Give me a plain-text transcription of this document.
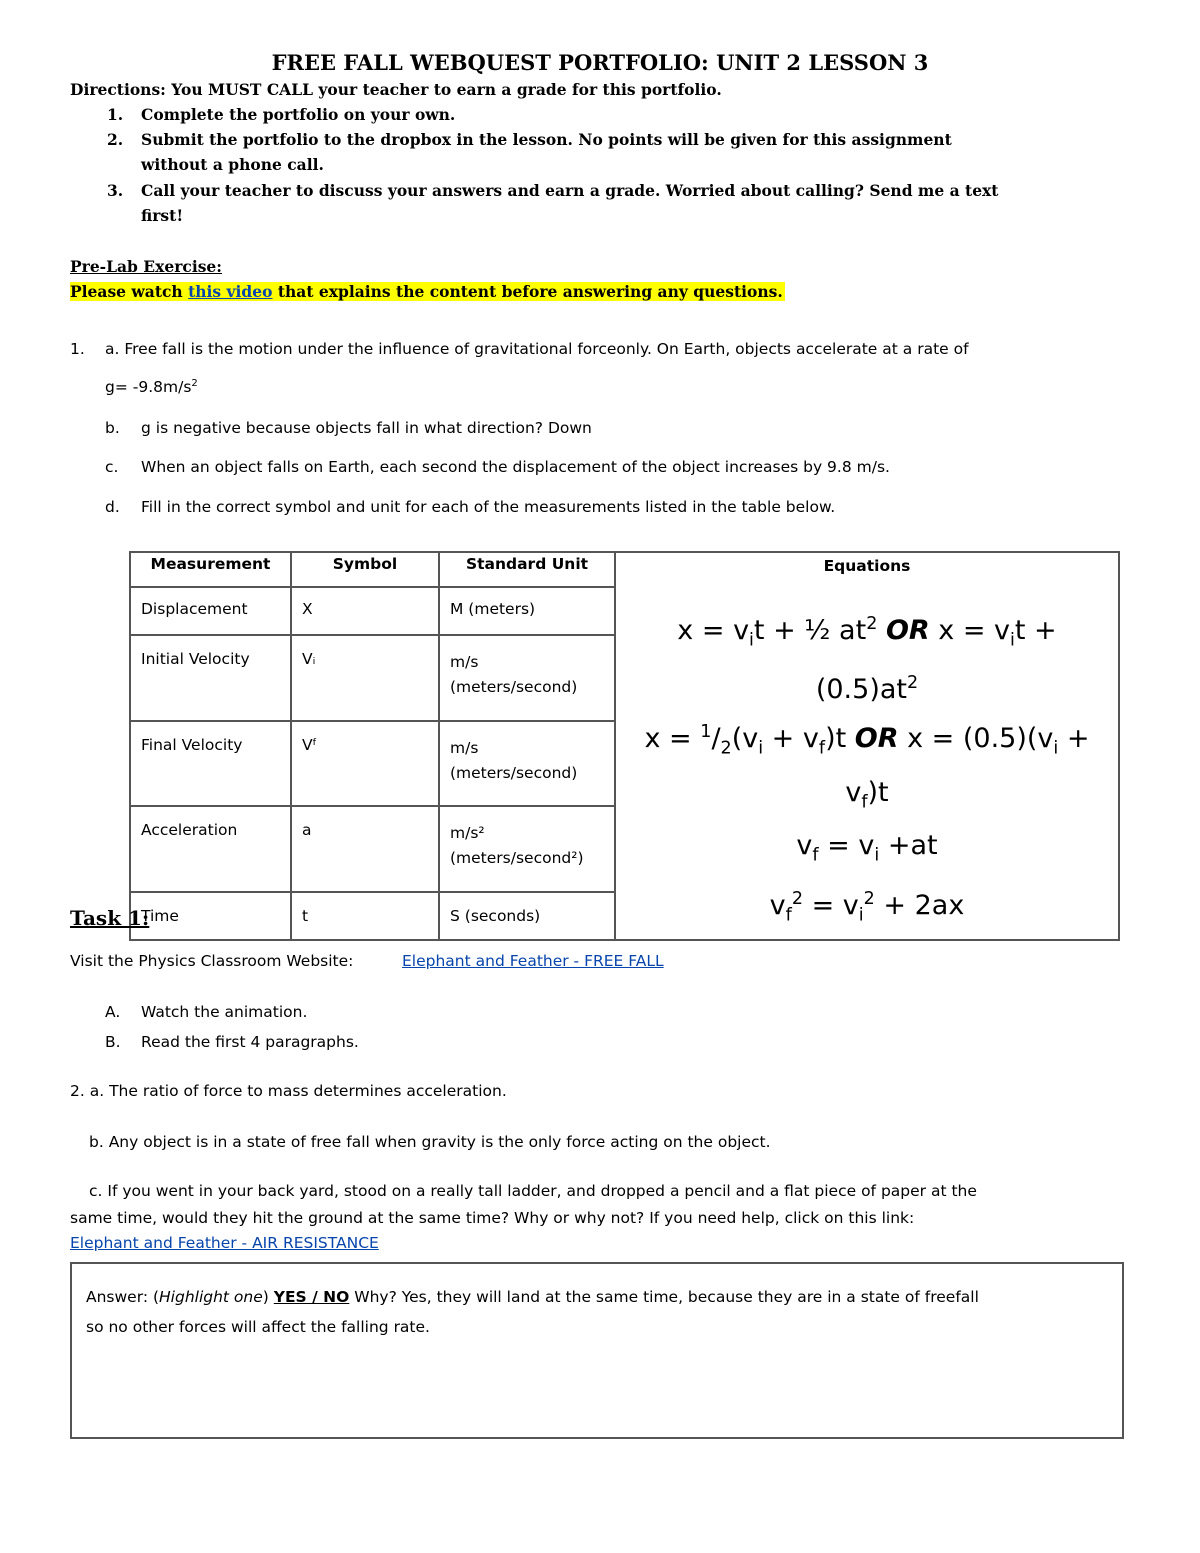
FREE FALL WEBQUEST PORTFOLIO: UNIT 2 LESSON 3
Directions: You MUST CALL your teacher to earn a grade for this portfolio.
1. Complete the portfolio on your own.
2. Submit the portfolio to the dropbox in the lesson. No points will be given for this assignment
without a phone call.
3. Call your teacher to discuss your answers and earn a grade. Worried about calling? Send me a text
first!
Pre-Lab Exercise:
Please watch this video that explains the content before answering any questions.
1. a. Free fall is the motion under the influence of gravitational forceonly. On Earth, objects accelerate at a rate of
$g= -9.8m/s^2$
b. g is negative because objects fall in what direction? Down
c. When an object falls on Earth, each second the displacement of the object increases by 9.8 m/s.
d. Fill in the correct symbol and unit for each of the measurements listed in the table below.
Measurement	Symbol	Standard Unit	Equations
$x = v_it$ + ½ $at^2$ OR $x = v_it + (0.5)at^2$
$x = ^1/_2(v_i + v_f)t$ OR $x = (0.5)(v_i + v_f)t$
$v_f = v_i +at$
$v_f^2 = v_i^2 + 2ax$

Displacement	X	M (meters)	
Initial Velocity	Vᵢ	m/s
(meters/second)	
Final Velocity	Vᶠ	m/s
(meters/second)	
Acceleration	a	m/s²
(meters/second²)	
Time	t	S (seconds)	
Task 1:
Visit the Physics Classroom Website:	Elephant and Feather - FREE FALL
A. Watch the animation.
B. Read the first 4 paragraphs.
2. a. The ratio of force to mass determines acceleration.
b. Any object is in a state of free fall when gravity is the only force acting on the object.
c. If you went in your back yard, stood on a really tall ladder, and dropped a pencil and a flat piece of paper at the
same time, would they hit the ground at the same time? Why or why not? If you need help, click on this link:
Elephant and Feather - AIR RESISTANCE
Answer: (Highlight one) YES / NO Why? Yes, they will land at the same time, because they are in a state of freefall
so no other forces will affect the falling rate.
